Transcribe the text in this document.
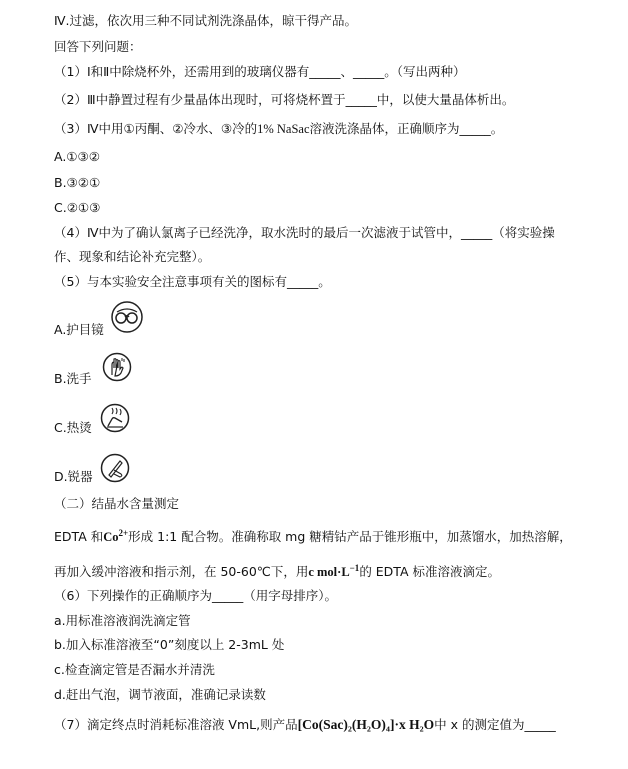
Ⅳ.过滤，依次用三种不同试剂洗涤晶体，晾干得产品。
回答下列问题：
（1）Ⅰ和Ⅱ中除烧杯外，还需用到的玻璃仪器有_____、_____。（写出两种）
（2）Ⅲ中静置过程有少量晶体出现时，可将烧杯置于_____中，以使大量晶体析出。
（3）Ⅳ中用①丙酮、②冷水、③冷的1% NaSac溶液洗涤晶体，正确顺序为_____。
A.①③②
B.③②①
C.②①③
（4）Ⅳ中为了确认氯离子已经洗净，取水洗时的最后一次滤液于试管中，_____（将实验操
作、现象和结论补充完整）。
（5）与本实验安全注意事项有关的图标有_____。
A.护目镜
B.洗手
C.热烫
D.锐器
（二）结晶水含量测定
EDTA 和$Co^{2+}$形成 1:1 配合物。准确称取 mg 糖精钴产品于锥形瓶中，加蒸馏水，加热溶解，
再加入缓冲溶液和指示剂，在 50-60℃下，用c $mol\cdot L^{-1}$的 EDTA 标准溶液滴定。
（6）下列操作的正确顺序为_____（用字母排序）。
a.用标准溶液润洗滴定管
b.加入标准溶液至“0”刻度以上 2-3mL 处
c.检查滴定管是否漏水并清洗
d.赶出气泡，调节液面，准确记录读数
（7）滴定终点时消耗标准溶液 VmL,则产品[Co(Sac)₂(H₂O)₄]·x H₂O中 x 的测定值为_____
